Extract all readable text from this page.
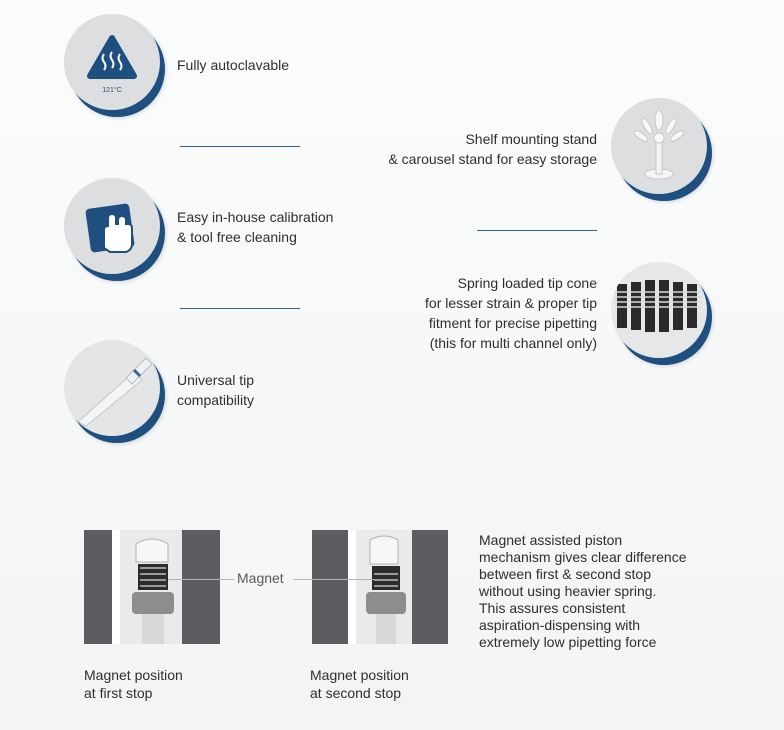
121°C
Fully autoclavable
Shelf mounting stand
& carousel stand for easy storage
Easy in-house calibration
& tool free cleaning
Spring loaded tip cone
for lesser strain & proper tip
fitment for precise pipetting
(this for multi channel only)
Universal tip
compatibility
Magnet
Magnet position
at first stop
Magnet position
at second stop
Magnet assisted piston
mechanism gives clear difference
between first & second stop
without using heavier spring.
This assures consistent
aspiration-dispensing with
extremely low pipetting force
